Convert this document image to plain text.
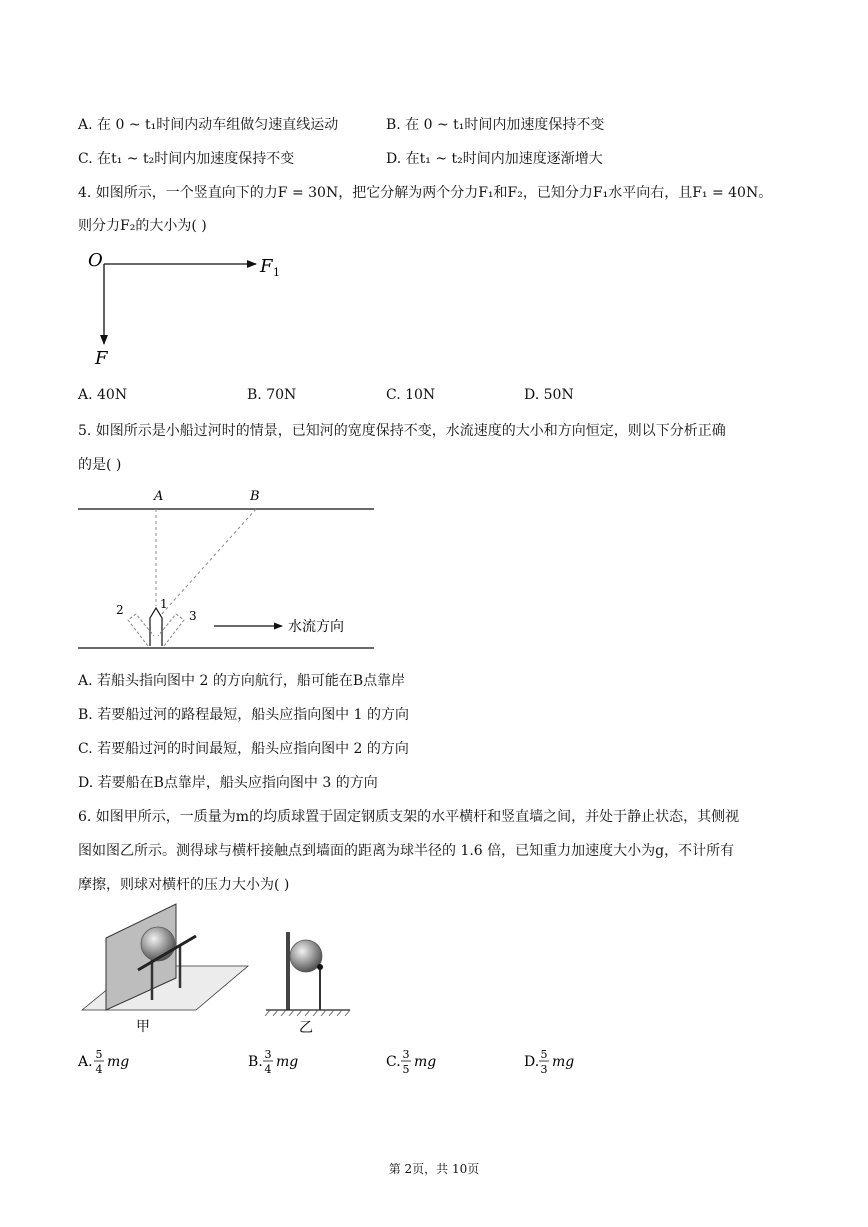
A. 在 0 ~ t₁时间内动车组做匀速直线运动	B. 在 0 ~ t₁时间内加速度保持不变
C. 在t₁ ~ t₂时间内加速度保持不变	D. 在t₁ ~ t₂时间内加速度逐渐增大
4. 如图所示，一个竖直向下的力F = 30N，把它分解为两个分力F₁和F₂，已知分力F₁水平向右，且F₁ = 40N。
则分力F₂的大小为( )
O	F 1
F
A. 40N	B. 70N	C. 10N	D. 50N
5. 如图所示是小船过河时的情景，已知河的宽度保持不变，水流速度的大小和方向恒定，则以下分析正确
的是( )
A	B
1
2	3
水流方向
A. 若船头指向图中 2 的方向航行，船可能在B点靠岸
B. 若要船过河的路程最短，船头应指向图中 1 的方向
C. 若要船过河的时间最短，船头应指向图中 2 的方向
D. 若要船在B点靠岸，船头应指向图中 3 的方向
6. 如图甲所示，一质量为m的均质球置于固定钢质支架的水平横杆和竖直墙之间，并处于静止状态，其侧视
图如图乙所示。测得球与横杆接触点到墙面的距离为球半径的 1.6 倍，已知重力加速度大小为g，不计所有
摩擦，则球对横杆的压力大小为( )
甲	乙
A. 5
4 mg	B. 3
4 mg	C. 3
5 mg	D. 5
3 mg
第 2页，共 10页
